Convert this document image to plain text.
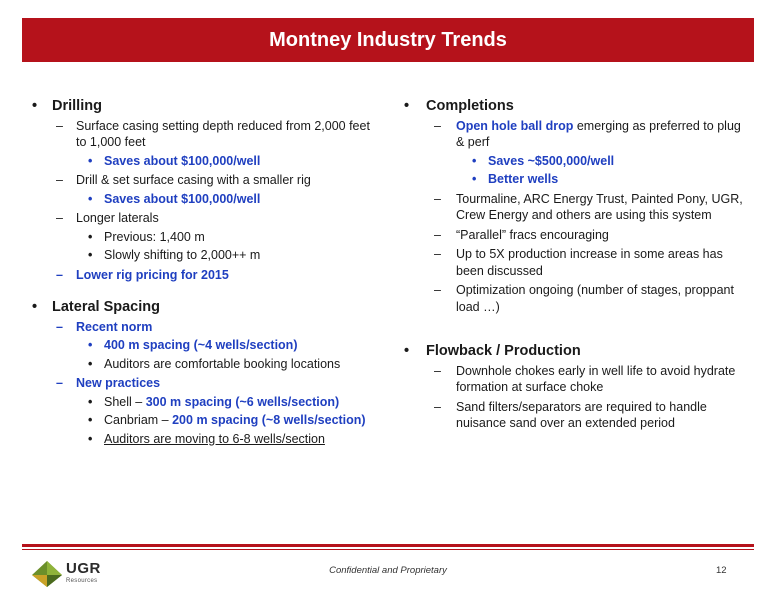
Montney Industry Trends
• Drilling
– Surface casing setting depth reduced from 2,000 feet to 1,000 feet
• Saves about $100,000/well
– Drill & set surface casing with a smaller rig
• Saves about $100,000/well
– Longer laterals
• Previous: 1,400 m
• Slowly shifting to 2,000++ m
– Lower rig pricing for 2015
• Lateral Spacing
– Recent norm
• 400 m spacing (~4 wells/section)
• Auditors are comfortable booking locations
– New practices
• Shell – 300 m spacing (~6 wells/section)
• Canbriam – 200 m spacing (~8 wells/section)
• Auditors are moving to 6-8 wells/section
• Completions
– Open hole ball drop emerging as preferred to plug & perf
• Saves ~$500,000/well
• Better wells
– Tourmaline, ARC Energy Trust, Painted Pony, UGR, Crew Energy and others are using this system
– “Parallel” fracs encouraging
– Up to 5X production increase in some areas has been discussed
– Optimization ongoing (number of stages, proppant load …)
• Flowback / Production
– Downhole chokes early in well life to avoid hydrate formation at surface choke
– Sand filters/separators are required to handle nuisance sand over an extended period
UGR
Resources
Confidential and Proprietary	12
